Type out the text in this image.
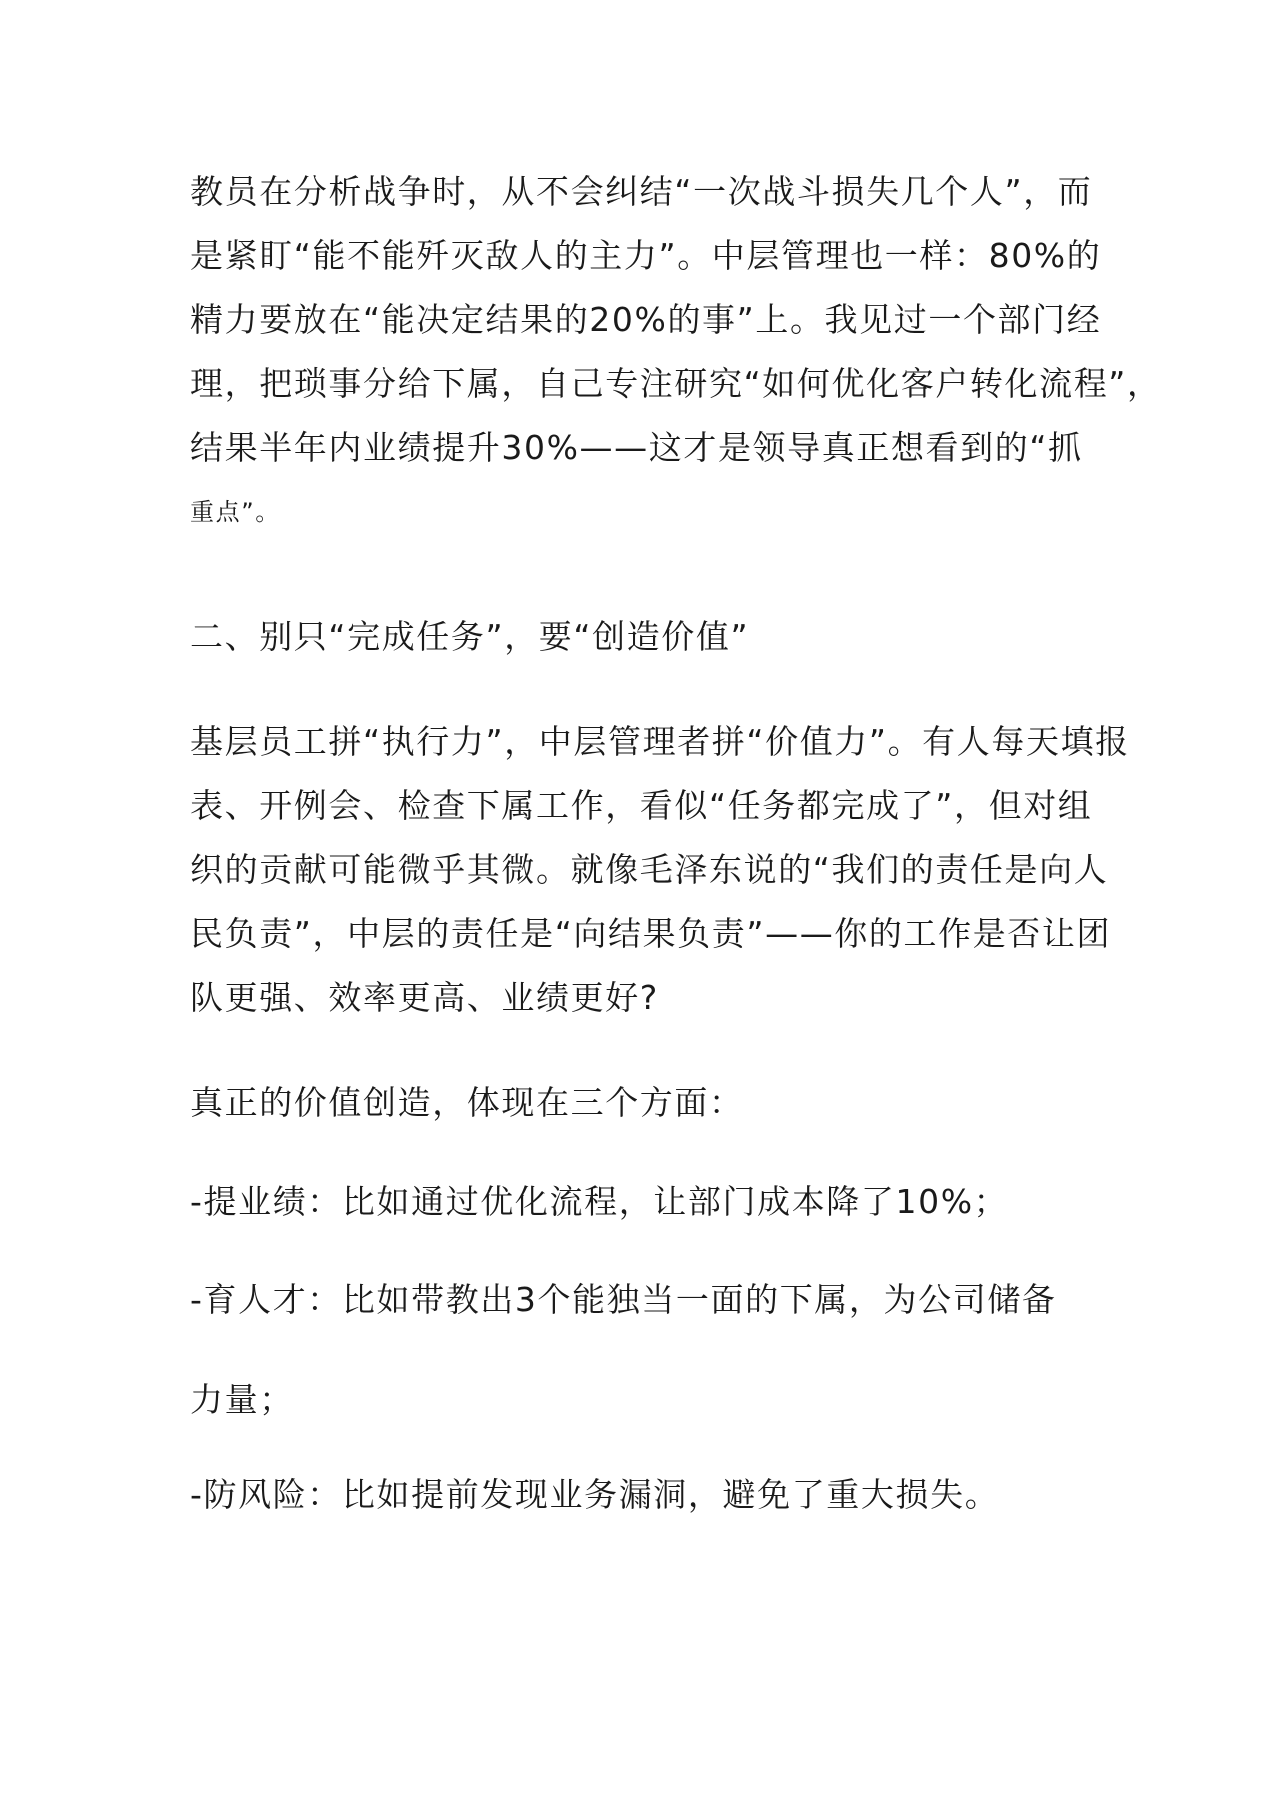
教员在分析战争时，从不会纠结“一次战斗损失几个人”，而
是紧盯“能不能歼灭敌人的主力”。中层管理也一样：80%的
精力要放在“能决定结果的20%的事”上。我见过一个部门经
理，把琐事分给下属，自己专注研究“如何优化客户转化流程”，
结果半年内业绩提升30%——这才是领导真正想看到的“抓
重点”。
二、别只“完成任务”，要“创造价值”
基层员工拼“执行力”，中层管理者拼“价值力”。有人每天填报
表、开例会、检查下属工作，看似“任务都完成了”，但对组
织的贡献可能微乎其微。就像毛泽东说的“我们的责任是向人
民负责”，中层的责任是“向结果负责”——你的工作是否让团
队更强、效率更高、业绩更好?
真正的价值创造，体现在三个方面：
-提业绩：比如通过优化流程，让部门成本降了10%；
-育人才：比如带教出3个能独当一面的下属，为公司储备
力量；
-防风险：比如提前发现业务漏洞，避免了重大损失。
